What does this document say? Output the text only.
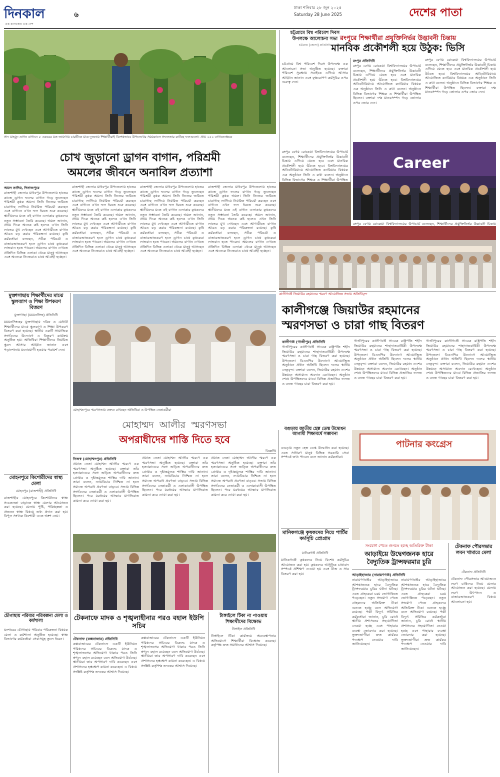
দিনকাল
এক কাগজের এক দেশ
৬
ঢাকা শনিবার ২৮ জুন ২০২৫
Saturday 28 June 2025	দেশের পাতা
সাদ মাহমুদ দ্রাগন বাগানে ৫ একরের মত জায়গায় চারটিতে মাত্র দুজনায় শিক্ষার্থীরাই বিশেষভাবে উপলেখের সময়কালে সফলতার কাটছে ফলগুলো। প্রায় ২৫২ বাগানেক্ষেত্রে
চোখ জুড়ানো ড্রাগন বাগান, পরিশ্রমী
অমলের জীবনে অনাবিল প্রত্যাশা
অমল তাদিম, দিনাজপুরে
রাজশাহী জেলার মাধবপুর উপজেলায় হাতের কাজে ড্রাগন ফলের বাগান গড়ে তুলেছেন পরিশ্রমী কৃষক অমল। তিনি নিজের জমিতে চারাগাছ লাগিয়ে নিয়মিত পরিচর্যা করছেন এবং বাগানে এখন ফল ধরতে শুরু করেছে। স্থানীয়দের মতে এই বাগান এলাকার কৃষকদের নতুন সম্ভাবনা তৈরি করেছে। অমল জানান, প্রথম দিকে অনেক কষ্ট হলেও এখন তিনি লাভের মুখ দেখছেন এবং আগামীতে বাগান আরও বড় করার পরিকল্পনা রয়েছে। কৃষি কর্মকর্তারা বলছেন, সঠিক পরিচর্যা ও বাজারজাতকরণ হলে ড্রাগন চাষে কৃষকেরা লাভবান হতে পারেন। অমলের বাগান দেখতে প্রতিদিন বিভিন্ন এলাকা থেকে মানুষ আসছেন এবং অনেকে নিজেরাও চাষে আগ্রহী হচ্ছেন।
রাজশাহী জেলার মাধবপুর উপজেলায় হাতের কাজে ড্রাগন ফলের বাগান গড়ে তুলেছেন পরিশ্রমী কৃষক অমল। তিনি নিজের জমিতে চারাগাছ লাগিয়ে নিয়মিত পরিচর্যা করছেন এবং বাগানে এখন ফল ধরতে শুরু করেছে। স্থানীয়দের মতে এই বাগান এলাকার কৃষকদের নতুন সম্ভাবনা তৈরি করেছে। অমল জানান, প্রথম দিকে অনেক কষ্ট হলেও এখন তিনি লাভের মুখ দেখছেন এবং আগামীতে বাগান আরও বড় করার পরিকল্পনা রয়েছে। কৃষি কর্মকর্তারা বলছেন, সঠিক পরিচর্যা ও বাজারজাতকরণ হলে ড্রাগন চাষে কৃষকেরা লাভবান হতে পারেন। অমলের বাগান দেখতে প্রতিদিন বিভিন্ন এলাকা থেকে মানুষ আসছেন এবং অনেকে নিজেরাও চাষে আগ্রহী হচ্ছেন।
রাজশাহী জেলার মাধবপুর উপজেলায় হাতের কাজে ড্রাগন ফলের বাগান গড়ে তুলেছেন পরিশ্রমী কৃষক অমল। তিনি নিজের জমিতে চারাগাছ লাগিয়ে নিয়মিত পরিচর্যা করছেন এবং বাগানে এখন ফল ধরতে শুরু করেছে। স্থানীয়দের মতে এই বাগান এলাকার কৃষকদের নতুন সম্ভাবনা তৈরি করেছে। অমল জানান, প্রথম দিকে অনেক কষ্ট হলেও এখন তিনি লাভের মুখ দেখছেন এবং আগামীতে বাগান আরও বড় করার পরিকল্পনা রয়েছে। কৃষি কর্মকর্তারা বলছেন, সঠিক পরিচর্যা ও বাজারজাতকরণ হলে ড্রাগন চাষে কৃষকেরা লাভবান হতে পারেন। অমলের বাগান দেখতে প্রতিদিন বিভিন্ন এলাকা থেকে মানুষ আসছেন এবং অনেকে নিজেরাও চাষে আগ্রহী হচ্ছেন।
রাজশাহী জেলার মাধবপুর উপজেলায় হাতের কাজে ড্রাগন ফলের বাগান গড়ে তুলেছেন পরিশ্রমী কৃষক অমল। তিনি নিজের জমিতে চারাগাছ লাগিয়ে নিয়মিত পরিচর্যা করছেন এবং বাগানে এখন ফল ধরতে শুরু করেছে। স্থানীয়দের মতে এই বাগান এলাকার কৃষকদের নতুন সম্ভাবনা তৈরি করেছে। অমল জানান, প্রথম দিকে অনেক কষ্ট হলেও এখন তিনি লাভের মুখ দেখছেন এবং আগামীতে বাগান আরও বড় করার পরিকল্পনা রয়েছে। কৃষি কর্মকর্তারা বলছেন, সঠিক পরিচর্যা ও বাজারজাতকরণ হলে ড্রাগন চাষে কৃষকেরা লাভবান হতে পারেন। অমলের বাগান দেখতে প্রতিদিন বিভিন্ন এলাকা থেকে মানুষ আসছেন এবং অনেকে নিজেরাও চাষে আগ্রহী হচ্ছেন।
চট্টগ্রামে বিশ্ব পরিবেশ দিবস উপলক্ষে আলোচনা সভা
চট্টগ্রাম (জেলা) প্রতিনিধি
চট্টগ্রামে বিশ্ব পরিবেশ দিবস উপলক্ষে এক আলোচনা সভা অনুষ্ঠিত হয়েছে। বক্তারা পরিবেশ সুরক্ষায় সবাইকে এগিয়ে আসার আহ্বান জানান এবং বৃক্ষরোপণ কর্মসূচির ওপর গুরুত্ব দেন।
রংপুর বেগম রোকেয়া বিশ্ববিদ্যালয়ের উপাচার্য বলেছেন, শিক্ষার্থীদের প্রযুক্তিনির্ভর উদ্ভাবনী চিন্তায় এগিয়ে যেতে হবে এবং মানবিক প্রকৌশলী হয়ে উঠতে হবে। বিশ্ববিদ্যালয়ের অডিটোরিয়ামে আয়োজিত ক্যারিয়ার বিষয়ক এক অনুষ্ঠানে তিনি এ কথা বলেন। অনুষ্ঠানে বিভিন্ন বিভাগের শিক্ষক ও শিক্ষার্থীরা উপস্থিত
রংপুরে শিক্ষার্থীরা প্রযুক্তিনির্ভর উদ্ভাবনী চিন্তায়
মানবিক প্রকৌশলী হয়ে উঠুক: ভিসি
রংপুর প্রতিনিধি
রংপুর বেগম রোকেয়া বিশ্ববিদ্যালয়ের উপাচার্য বলেছেন, শিক্ষার্থীদের প্রযুক্তিনির্ভর উদ্ভাবনী চিন্তায় এগিয়ে যেতে হবে এবং মানবিক প্রকৌশলী হয়ে উঠতে হবে। বিশ্ববিদ্যালয়ের অডিটোরিয়ামে আয়োজিত ক্যারিয়ার বিষয়ক এক অনুষ্ঠানে তিনি এ কথা বলেন। অনুষ্ঠানে বিভিন্ন বিভাগের শিক্ষক ও শিক্ষার্থীরা উপস্থিত ছিলেন। বক্তারা দক্ষ মানবসম্পদ গড়ে তোলার ওপর জোর দেন।
রংপুর বেগম রোকেয়া বিশ্ববিদ্যালয়ের উপাচার্য বলেছেন, শিক্ষার্থীদের প্রযুক্তিনির্ভর উদ্ভাবনী চিন্তায় এগিয়ে যেতে হবে এবং মানবিক প্রকৌশলী হয়ে উঠতে হবে। বিশ্ববিদ্যালয়ের অডিটোরিয়ামে আয়োজিত ক্যারিয়ার বিষয়ক এক অনুষ্ঠানে তিনি এ কথা বলেন। অনুষ্ঠানে বিভিন্ন বিভাগের শিক্ষক ও শিক্ষার্থীরা উপস্থিত ছিলেন। বক্তারা দক্ষ মানবসম্পদ গড়ে তোলার ওপর জোর দেন।
Career
রংপুর বেগম রোকেয়া বিশ্ববিদ্যালয়ের উপাচার্য বলেছেন, শিক্ষার্থীদের প্রযুক্তিনির্ভর উদ্ভাবনী চিন্তায়
কালীগঞ্জে জিয়াউর রহমানের স্মরণে আয়োজিত সভায় অতিথিবৃন্দ
কালীগঞ্জে জিয়াউর রহমানের
স্মরণসভা ও চারা গাছ বিতরণ
কালীগঞ্জ (গাজীপুর) প্রতিনিধি
গাজীপুরের কালীগঞ্জে সাবেক রাষ্ট্রপতি শহীদ জিয়াউর রহমানের শাহাদাতবার্ষিকী উপলক্ষে স্মরণসভা ও চারা গাছ বিতরণ করা হয়েছে। উপজেলা বিএনপির উদ্যোগে আয়োজিত অনুষ্ঠানে প্রধান অতিথি ছিলেন দলের স্থানীয় নেতৃবৃন্দ। বক্তারা বলেন, জিয়াউর রহমান দেশের উন্নয়নে অসামান্য অবদান রেখেছেন। অনুষ্ঠান শেষে উপস্থিতদের মাঝে বিভিন্ন প্রজাতির ফলজ ও বনজ গাছের চারা বিতরণ করা হয়।
গাজীপুরের কালীগঞ্জে সাবেক রাষ্ট্রপতি শহীদ জিয়াউর রহমানের শাহাদাতবার্ষিকী উপলক্ষে স্মরণসভা ও চারা গাছ বিতরণ করা হয়েছে। উপজেলা বিএনপির উদ্যোগে আয়োজিত অনুষ্ঠানে প্রধান অতিথি ছিলেন দলের স্থানীয় নেতৃবৃন্দ। বক্তারা বলেন, জিয়াউর রহমান দেশের উন্নয়নে অসামান্য অবদান রেখেছেন। অনুষ্ঠান শেষে উপস্থিতদের মাঝে বিভিন্ন প্রজাতির ফলজ ও বনজ গাছের চারা বিতরণ করা হয়।
গাজীপুরের কালীগঞ্জে সাবেক রাষ্ট্রপতি শহীদ জিয়াউর রহমানের শাহাদাতবার্ষিকী উপলক্ষে স্মরণসভা ও চারা গাছ বিতরণ করা হয়েছে। উপজেলা বিএনপির উদ্যোগে আয়োজিত অনুষ্ঠানে প্রধান অতিথি ছিলেন দলের স্থানীয় নেতৃবৃন্দ। বক্তারা বলেন, জিয়াউর রহমান দেশের উন্নয়নে অসামান্য অবদান রেখেছেন। অনুষ্ঠান শেষে উপস্থিতদের মাঝে বিভিন্ন প্রজাতির ফলজ ও বনজ গাছের চারা বিতরণ করা হয়।
মুক্তাগাছায় শিক্ষার্থীদের মাঝে স্কুলব্যাগ ও শিক্ষা উপকরণ বিতরণ
মুক্তাগাছা (ময়মনসিংহ) প্রতিনিধি
ময়মনসিংহের মুক্তাগাছায় দরিদ্র ও মেধাবী শিক্ষার্থীদের মাঝে স্কুলব্যাগ ও শিক্ষা উপকরণ বিতরণ করা হয়েছে। স্থানীয় একটি সামাজিক সংগঠনের উদ্যোগে এ বিতরণ কার্যক্রম অনুষ্ঠিত হয়। অতিথিরা শিক্ষার্থীদের নিয়মিত স্কুলে আসার আহ্বান জানান এবং পড়াশোনায় মনোযোগী হওয়ার পরামর্শ দেন।
মোহনপুরে কিশোরীদের স্বাস্থ্য মেলা
মোহনপুর (রাজশাহী) প্রতিনিধি
রাজশাহীর মোহনপুরে কিশোরীদের স্বাস্থ্য সচেতনতা বাড়াতে স্বাস্থ্য মেলার আয়োজন করা হয়েছে। মেলায় পুষ্টি, পরিচ্ছন্নতা ও প্রজনন স্বাস্থ্য বিষয়ে তথ্য প্রদান করা হয়। বিপুল সংখ্যক কিশোরী এতে অংশ নেয়।
চৌগাছায় পরিবার পরিকল্পনা মেলা ও কর্মশালা
যশোরের চৌগাছায় পরিবার পরিকল্পনা বিষয়ক মেলা ও কর্মশালা অনুষ্ঠিত হয়েছে। স্বাস্থ্য বিভাগের কর্মকর্তারা সেবাসমূহ তুলে ধরেন।
মোহাম্মদপুরে স্মরণসভায় বক্তব্য রাখছেন অতিথিরা ও উপস্থিত নেতাকর্মীরা
মোহাম্মদ আলীর স্মরণসভা
অপরাধীদের শাস্তি দিতে হবে
বিজ্ঞপ্তি
নিজস্ব (মোহাম্মদপুর) প্রতিনিধি
প্রয়াত নেতা মোহাম্মদ আলীর স্মরণে এক স্মরণসভা অনুষ্ঠিত হয়েছে। বক্তারা তাঁর হত্যাকাণ্ডের সঙ্গে জড়িত অপরাধীদের দ্রুত গ্রেপ্তার ও দৃষ্টান্তমূলক শাস্তির দাবি জানান। তারা বলেন, ন্যায়বিচার নিশ্চিত না হলে সমাজে অপরাধ প্রবণতা বাড়বে। সভায় বিভিন্ন সংগঠনের নেতাকর্মী ও এলাকাবাসী উপস্থিত ছিলেন। পরে মরহুমের আত্মার মাগফিরাত কামনা করে দোয়া করা হয়।
প্রয়াত নেতা মোহাম্মদ আলীর স্মরণে এক স্মরণসভা অনুষ্ঠিত হয়েছে। বক্তারা তাঁর হত্যাকাণ্ডের সঙ্গে জড়িত অপরাধীদের দ্রুত গ্রেপ্তার ও দৃষ্টান্তমূলক শাস্তির দাবি জানান। তারা বলেন, ন্যায়বিচার নিশ্চিত না হলে সমাজে অপরাধ প্রবণতা বাড়বে। সভায় বিভিন্ন সংগঠনের নেতাকর্মী ও এলাকাবাসী উপস্থিত ছিলেন। পরে মরহুমের আত্মার মাগফিরাত কামনা করে দোয়া করা হয়।
প্রয়াত নেতা মোহাম্মদ আলীর স্মরণে এক স্মরণসভা অনুষ্ঠিত হয়েছে। বক্তারা তাঁর হত্যাকাণ্ডের সঙ্গে জড়িত অপরাধীদের দ্রুত গ্রেপ্তার ও দৃষ্টান্তমূলক শাস্তির দাবি জানান। তারা বলেন, ন্যায়বিচার নিশ্চিত না হলে সমাজে অপরাধ প্রবণতা বাড়বে। সভায় বিভিন্ন সংগঠনের নেতাকর্মী ও এলাকাবাসী উপস্থিত ছিলেন। পরে মরহুমের আত্মার মাগফিরাত কামনা করে দোয়া করা হয়।
বগুড়ায় জাতীয় হেল্প ডেস্ক উদ্বোধন আগামী শিক্ষাবর্ষে সম্ভাবনা
বগুড়ায় নতুন হেল্প ডেস্ক উদ্বোধন করা হয়েছে। এতে সাধারণ মানুষ বিভিন্ন সরকারি সেবা সম্পর্কে তথ্য পাবেন বলে জানান কর্মকর্তারা।
মানিকগঞ্জে কৃষকদের নিয়ে পার্টির কর্মসূচি প্রোগ্রাম
মানিকগঞ্জ প্রতিনিধি
মানিকগঞ্জে কৃষকদের নিয়ে বিশেষ কর্মসূচির আয়োজন করা হয়। কৃষকদের আধুনিক চাষাবাদ সম্পর্কে প্রশিক্ষণ দেওয়া হয় এবং বীজ ও সার বিতরণ করা হয়।
পাটনার কংগ্রেস
টেকনাফে মাদক ও শৃঙ্খলাহীনার পরও বহাল ইউপি সচিব
টেকনাফ (কক্সবাজার) প্রতিনিধি
কক্সবাজারের টেকনাফে একটি ইউনিয়ন পরিষদের সচিবের বিরুদ্ধে মাদক ও শৃঙ্খলাভঙ্গের অভিযোগ থাকার পরও তিনি স্বপদে বহাল রয়েছেন বলে অভিযোগ উঠেছে। স্থানীয়রা তার অপসারণ দাবি করেছেন এবং প্রশাসনের হস্তক্ষেপ কামনা করেছেন। এ বিষয়ে সংশ্লিষ্ট কর্তৃপক্ষ তদন্তের আশ্বাস দিয়েছে।
কক্সবাজারের টেকনাফে একটি ইউনিয়ন পরিষদের সচিবের বিরুদ্ধে মাদক ও শৃঙ্খলাভঙ্গের অভিযোগ থাকার পরও তিনি স্বপদে বহাল রয়েছেন বলে অভিযোগ উঠেছে। স্থানীয়রা তার অপসারণ দাবি করেছেন এবং প্রশাসনের হস্তক্ষেপ কামনা করেছেন। এ বিষয়ে সংশ্লিষ্ট কর্তৃপক্ষ তদন্তের আশ্বাস দিয়েছে।
টাঙ্গাইলে টিকা না পাওয়ায় শিক্ষার্থীদের বিক্ষোভ
টাঙ্গাইল প্রতিনিধি
টাঙ্গাইলে টিকা কার্যক্রমে অব্যবস্থাপনার অভিযোগে শিক্ষার্থীরা বিক্ষোভ করেছে। কর্তৃপক্ষ দ্রুত সমাধানের আশ্বাস দিয়েছে।
সংযোগ পেতে গুনতে হচ্ছে অতিরিক্ত টাকা
আড়াইয়ে উদ্বেগজনক হারে
বৈদ্যুতিক ট্রান্সফরমার চুরি
আড়াইহাজার (নারায়ণগঞ্জ) প্রতিনিধি
নারায়ণগঞ্জের আড়াইহাজারে আশঙ্কাজনক হারে বৈদ্যুতিক ট্রান্সফরমার চুরির ঘটনা ঘটছে। এতে গ্রাহকেরা চরম ভোগান্তিতে পড়েছেন। নতুন সংযোগ পেতে গ্রাহকদের অতিরিক্ত টাকা গুনতে হচ্ছে বলে অভিযোগ রয়েছে। পল্লী বিদ্যুৎ সমিতির কর্মকর্তারা জানান, চুরি রোধে স্থানীয় প্রশাসনের সহযোগিতা নেওয়া হচ্ছে এবং পাহারার ব্যবস্থা জোরদার করা হয়েছে। ভুক্তভোগীরা দ্রুত কার্যকর পদক্ষেপ নেওয়ার দাবি জানিয়েছেন।
নারায়ণগঞ্জের আড়াইহাজারে আশঙ্কাজনক হারে বৈদ্যুতিক ট্রান্সফরমার চুরির ঘটনা ঘটছে। এতে গ্রাহকেরা চরম ভোগান্তিতে পড়েছেন। নতুন সংযোগ পেতে গ্রাহকদের অতিরিক্ত টাকা গুনতে হচ্ছে বলে অভিযোগ রয়েছে। পল্লী বিদ্যুৎ সমিতির কর্মকর্তারা জানান, চুরি রোধে স্থানীয় প্রশাসনের সহযোগিতা নেওয়া হচ্ছে এবং পাহারার ব্যবস্থা জোরদার করা হয়েছে। ভুক্তভোগীরা দ্রুত কার্যকর পদক্ষেপ নেওয়ার দাবি জানিয়েছেন।
টেকনাফ পৌরসভার লবন খামারে মেলা
টেকনাফ প্রতিনিধি
টেকনাফ পৌরসভার আয়োজনে লবণ চাষিদের নিয়ে মেলার আয়োজন করা হয়েছে। মেলায় লবণ উৎপাদন ও বাজারজাতকরণ বিষয়ে আলোচনা হয়।
